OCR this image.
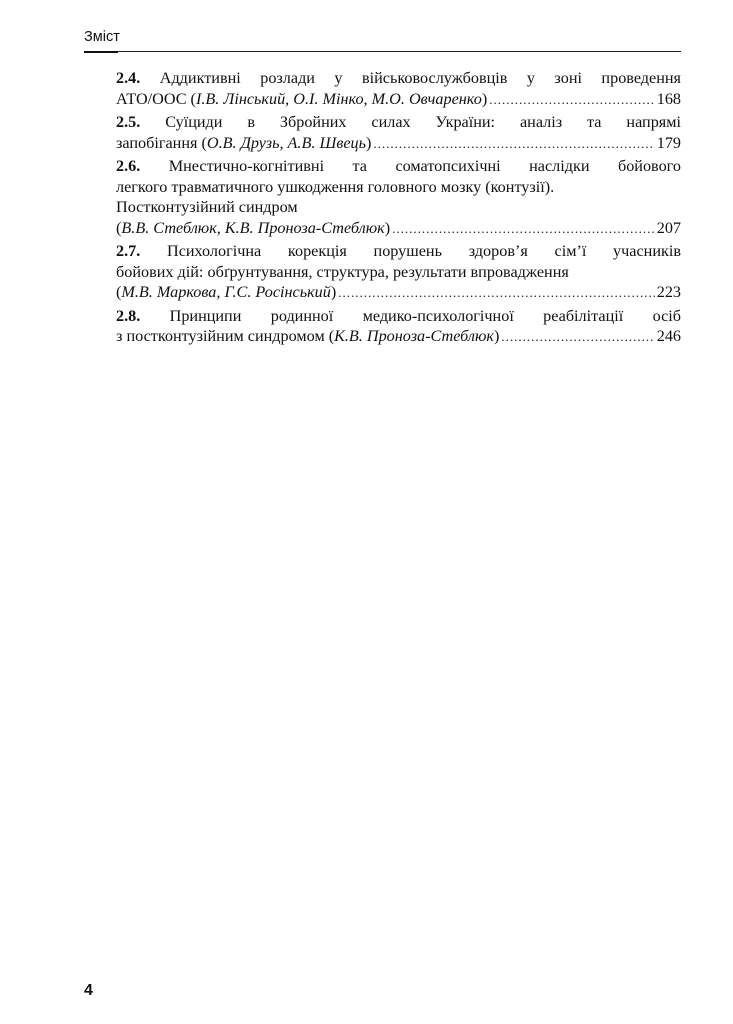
Зміст
2.4. Аддиктивні розлади у військовослужбовців у зоні проведення
АТО/ООС (І.В. Лінський, О.І. Мінко, М.О. Овчаренко) .....	168
2.5. Суїциди в Збройних силах України: аналіз та напрямі
запобігання (О.В. Друзь, А.В. Швець) .....	179
2.6. Мнестично-когнітивні та соматопсихічні наслідки бойового
легкого травматичного ушкодження головного мозку (контузії).
Постконтузійний синдром
(В.В. Стеблюк, К.В. Проноза-Стеблюк) .....	207
2.7. Психологічна корекція порушень здоров’я сім’ї учасників
бойових дій: обґрунтування, структура, результати впровадження
(М.В. Маркова, Г.С. Росінський) .....	223
2.8. Принципи родинної медико-психологічної реабілітації осіб
з постконтузійним синдромом (К.В. Проноза-Стеблюк) .....	246
4
